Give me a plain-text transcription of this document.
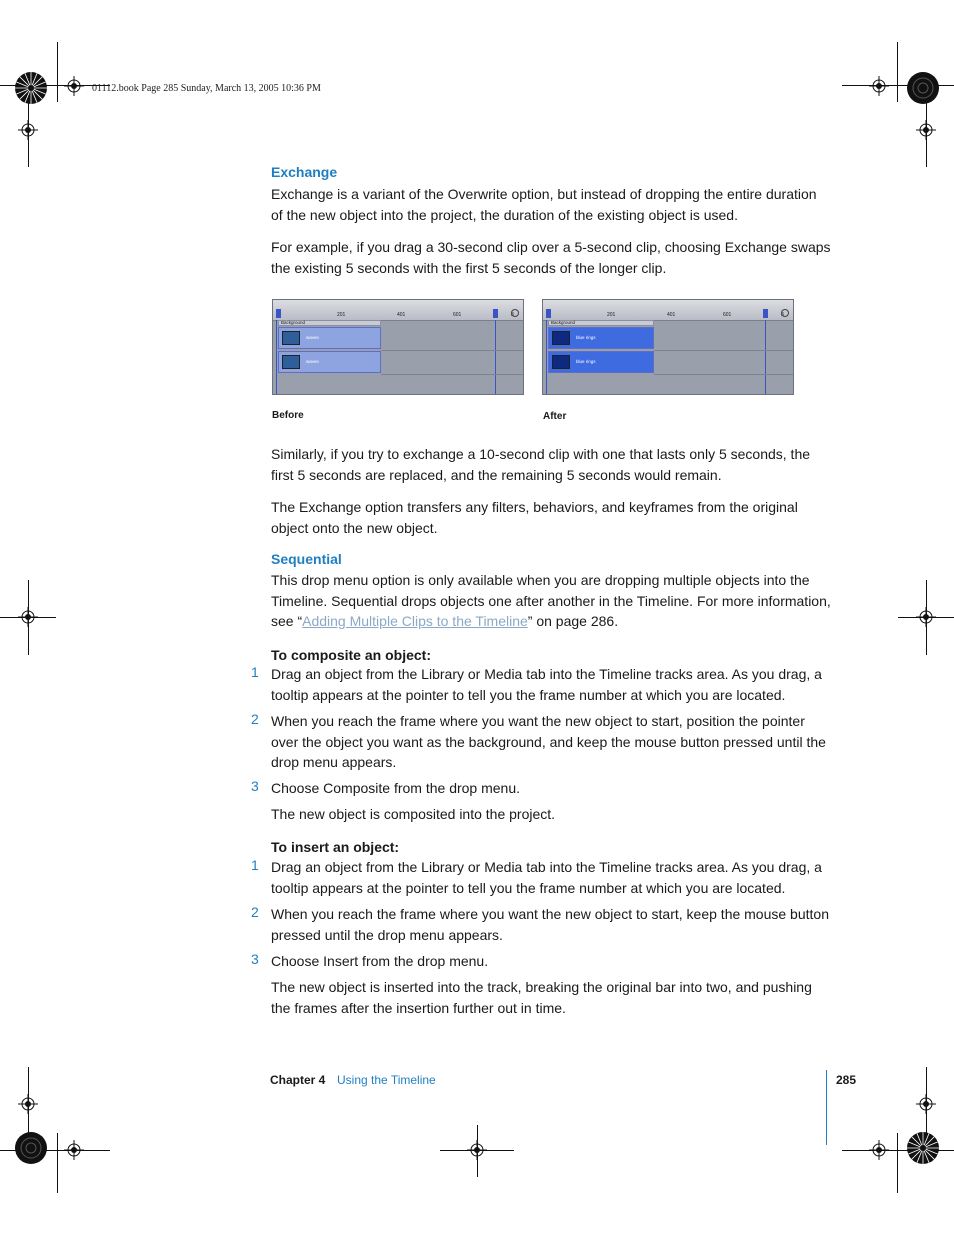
01112.book Page 285 Sunday, March 13, 2005 10:36 PM
Exchange
Exchange is a variant of the Overwrite option, but instead of dropping the entire duration of the new object into the project, the duration of the existing object is used.
For example, if you drag a 30-second clip over a 5-second clip, choosing Exchange swaps the existing 5 seconds with the first 5 seconds of the longer clip.
201	401	601	8
Background
waves
waves
Before
201	401	601	8
Background
blue rings
blue rings
After
Similarly, if you try to exchange a 10-second clip with one that lasts only 5 seconds, the first 5 seconds are replaced, and the remaining 5 seconds would remain.
The Exchange option transfers any filters, behaviors, and keyframes from the original object onto the new object.
Sequential
This drop menu option is only available when you are dropping multiple objects into the Timeline. Sequential drops objects one after another in the Timeline. For more information, see “Adding Multiple Clips to the Timeline” on page 286.
To composite an object:
1 Drag an object from the Library or Media tab into the Timeline tracks area. As you drag, a tooltip appears at the pointer to tell you the frame number at which you are located.
2 When you reach the frame where you want the new object to start, position the pointer over the object you want as the background, and keep the mouse button pressed until the drop menu appears.
3 Choose Composite from the drop menu.
The new object is composited into the project.
To insert an object:
1 Drag an object from the Library or Media tab into the Timeline tracks area. As you drag, a tooltip appears at the pointer to tell you the frame number at which you are located.
2 When you reach the frame where you want the new object to start, keep the mouse button pressed until the drop menu appears.
3 Choose Insert from the drop menu.
The new object is inserted into the track, breaking the original bar into two, and pushing the frames after the insertion further out in time.
Chapter 4 Using the Timeline	285
